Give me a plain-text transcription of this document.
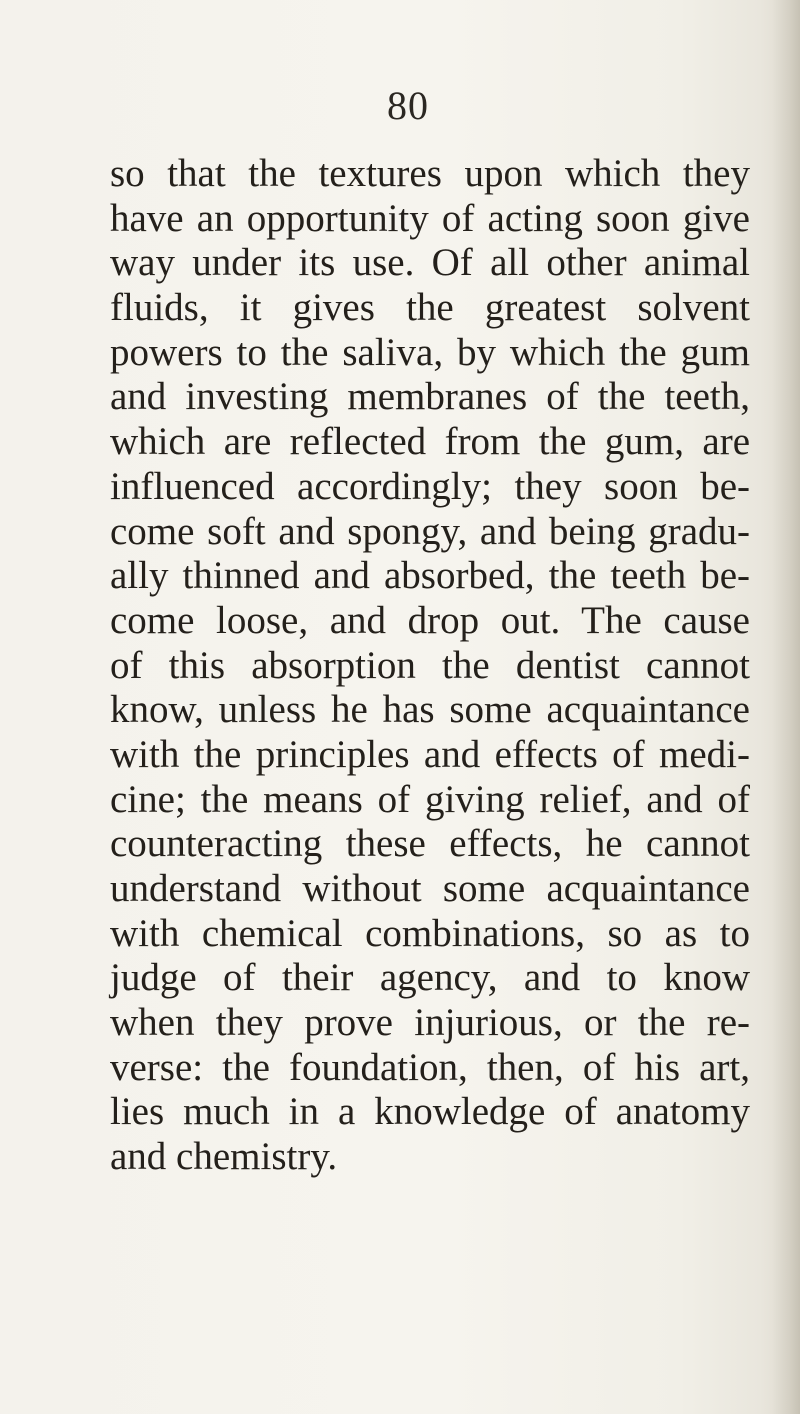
80
so that the textures upon which they
have an opportunity of acting soon give
way under its use. Of all other animal
fluids, it gives the greatest solvent
powers to the saliva, by which the gum
and investing membranes of the teeth,
which are reflected from the gum, are
influenced accordingly; they soon be-
come soft and spongy, and being gradu-
ally thinned and absorbed, the teeth be-
come loose, and drop out. The cause
of this absorption the dentist cannot
know, unless he has some acquaintance
with the principles and effects of medi-
cine; the means of giving relief, and of
counteracting these effects, he cannot
understand without some acquaintance
with chemical combinations, so as to
judge of their agency, and to know
when they prove injurious, or the re-
verse: the foundation, then, of his art,
lies much in a knowledge of anatomy
and chemistry.
